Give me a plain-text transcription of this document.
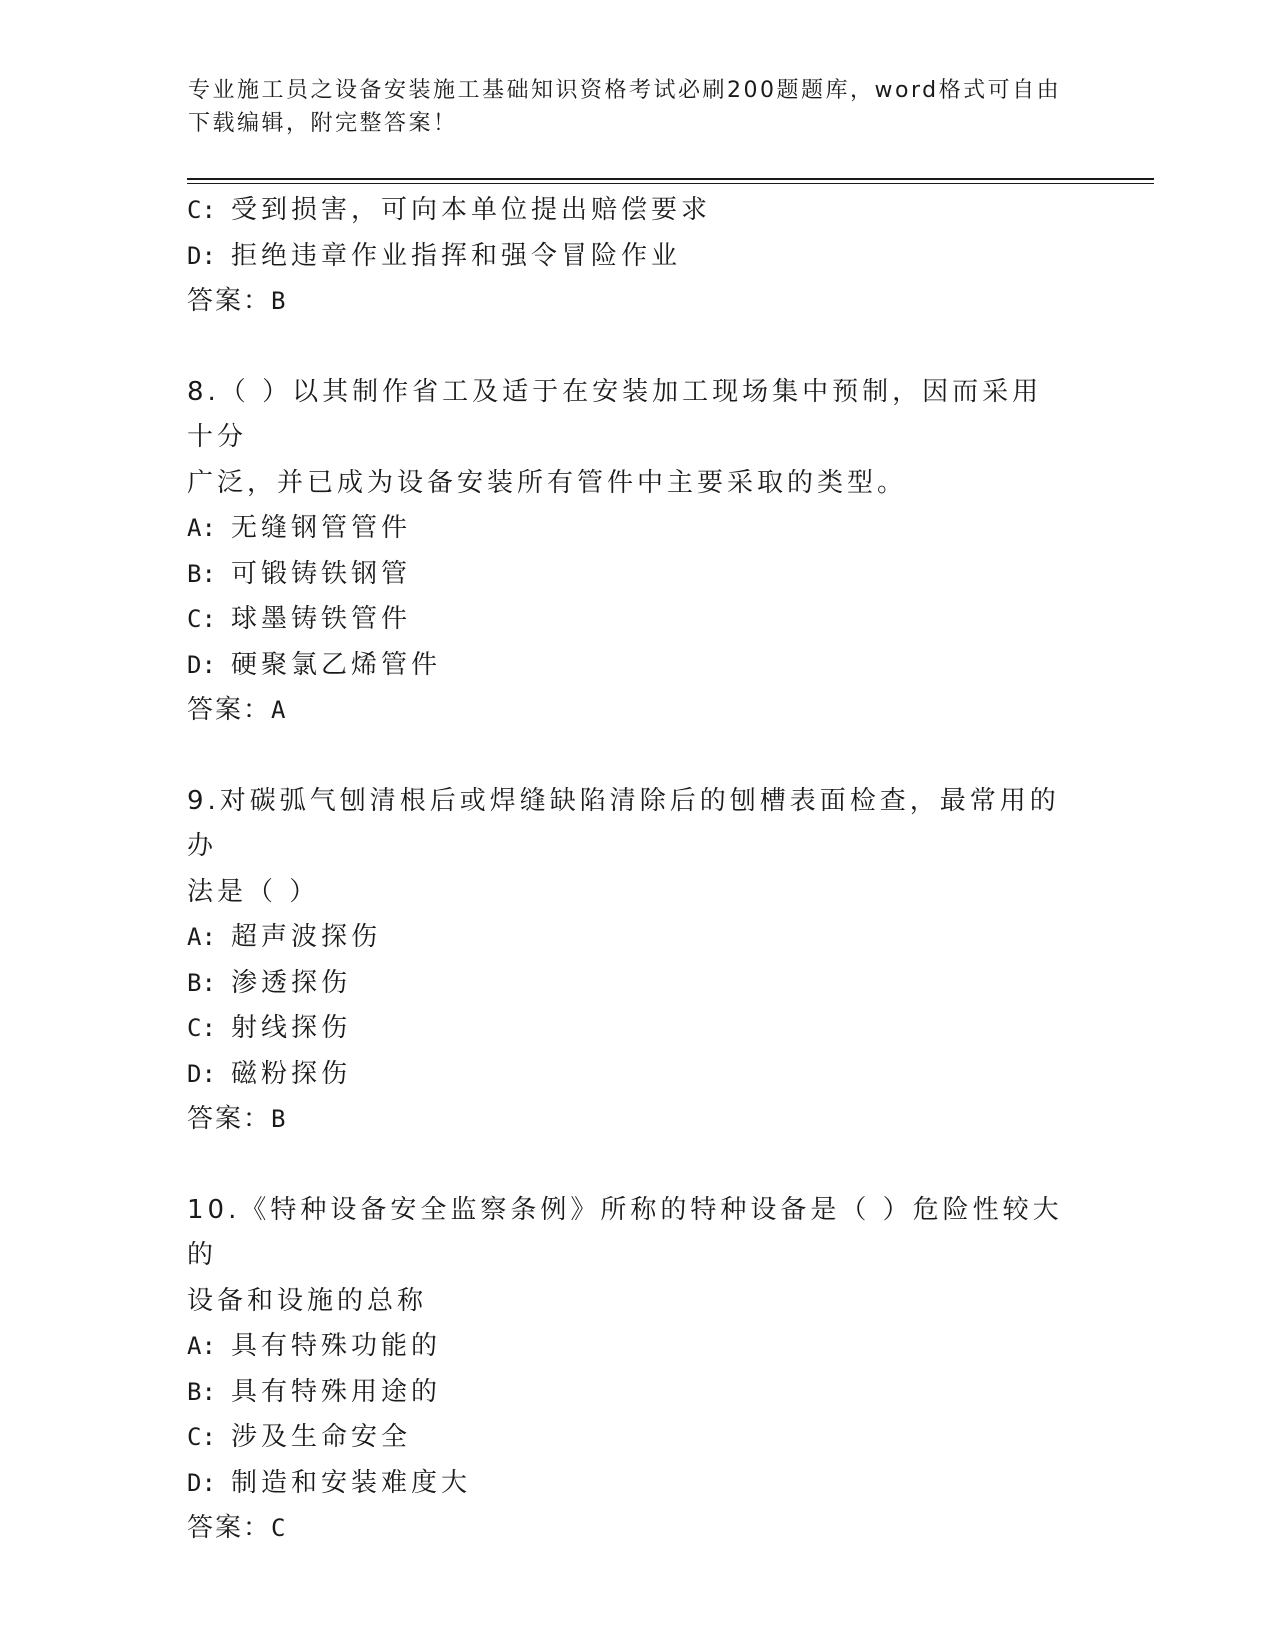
专业施工员之设备安装施工基础知识资格考试必刷200题题库，word格式可自由下载编辑，附完整答案！
C: 受到损害，可向本单位提出赔偿要求
D: 拒绝违章作业指挥和强令冒险作业
答案：B
8.（ ）以其制作省工及适于在安装加工现场集中预制，因而采用十分
广泛，并已成为设备安装所有管件中主要采取的类型。
A: 无缝钢管管件
B: 可锻铸铁钢管
C: 球墨铸铁管件
D: 硬聚氯乙烯管件
答案：A
9.对碳弧气刨清根后或焊缝缺陷清除后的刨槽表面检查，最常用的办
法是（ ）
A: 超声波探伤
B: 渗透探伤
C: 射线探伤
D: 磁粉探伤
答案：B
10.《特种设备安全监察条例》所称的特种设备是（ ）危险性较大的
设备和设施的总称
A: 具有特殊功能的
B: 具有特殊用途的
C: 涉及生命安全
D: 制造和安装难度大
答案：C
